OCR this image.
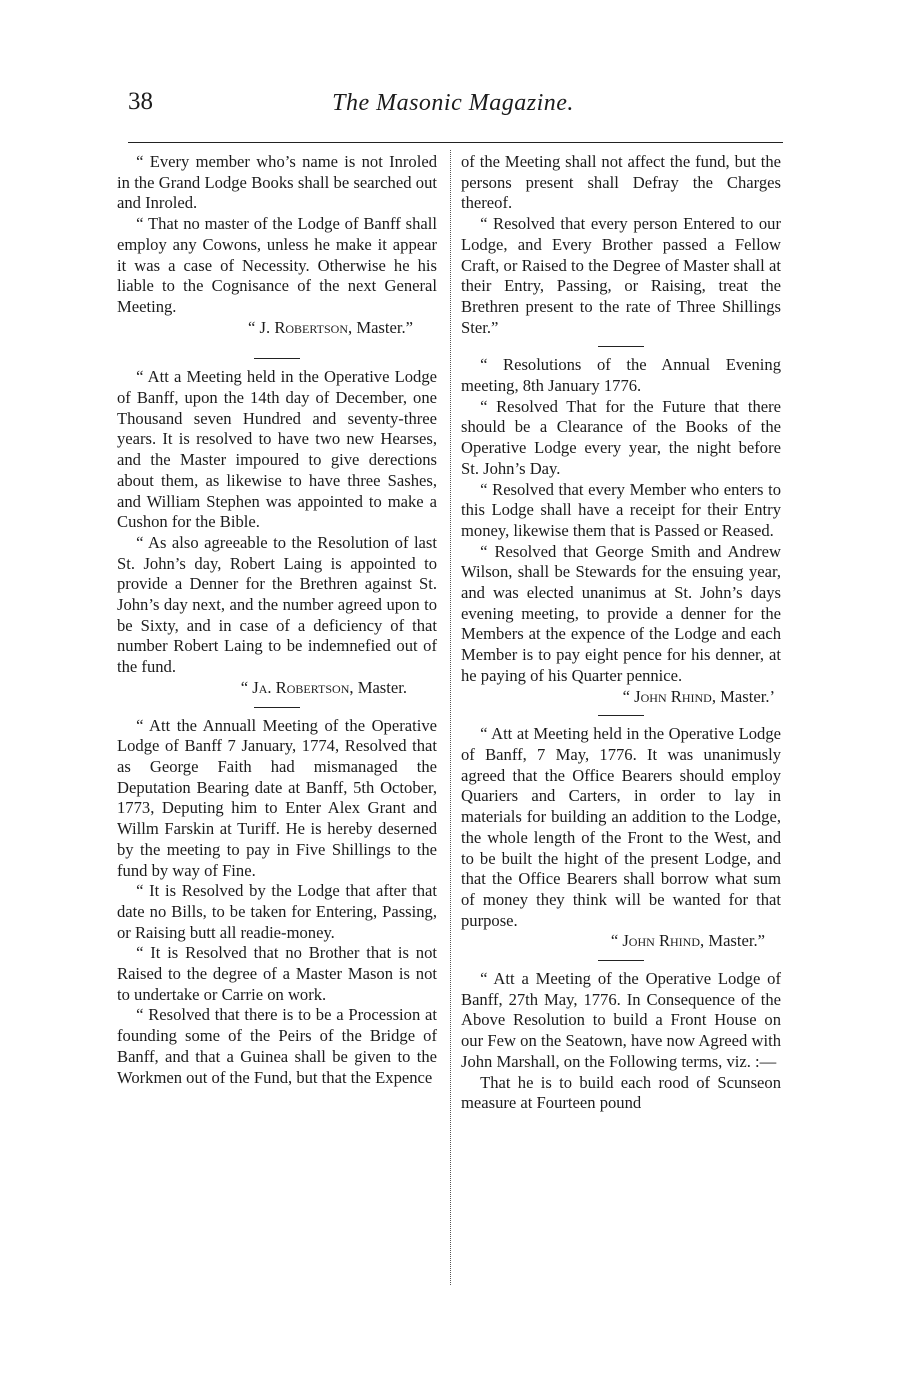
38	The Masonic Magazine.

“ Every member who’s name is not Inroled in the Grand Lodge Books shall be searched out and Inroled.

“ That no master of the Lodge of Banff shall employ any Cowons, unless he make it appear it was a case of Necessity. Otherwise he his liable to the Cognisance of the next General Meeting.

“ J. Robertson, Master.”

“ Att a Meeting held in the Operative Lodge of Banff, upon the 14th day of December, one Thousand seven Hundred and seventy-three years. It is resolved to have two new Hearses, and the Master impoured to give derections about them, as likewise to have three Sashes, and William Stephen was appointed to make a Cushon for the Bible.

“ As also agreeable to the Resolution of last St. John’s day, Robert Laing is appointed to provide a Denner for the Brethren against St. John’s day next, and the number agreed upon to be Sixty, and in case of a deficiency of that number Robert Laing to be indemnefied out of the fund.

“ Ja. Robertson, Master.

“ Att the Annuall Meeting of the Operative Lodge of Banff 7 January, 1774, Resolved that as George Faith had mismanaged the Deputation Bearing date at Banff, 5th October, 1773, Deputing him to Enter Alex Grant and Willm Farskin at Turiff. He is hereby deserned by the meeting to pay in Five Shillings to the fund by way of Fine.

“ It is Resolved by the Lodge that after that date no Bills, to be taken for Entering, Passing, or Raising butt all readie-money.

“ It is Resolved that no Brother that is not Raised to the degree of a Master Mason is not to undertake or Carrie on work.

“ Resolved that there is to be a Procession at founding some of the Peirs of the Bridge of Banff, and that a Guinea shall be given to the Workmen out of the Fund, but that the Expence

of the Meeting shall not affect the fund, but the persons present shall Defray the Charges thereof.

“ Resolved that every person Entered to our Lodge, and Every Brother passed a Fellow Craft, or Raised to the Degree of Master shall at their Entry, Passing, or Raising, treat the Brethren present to the rate of Three Shillings Ster.”

“ Resolutions of the Annual Evening meeting, 8th January 1776.

“ Resolved That for the Future that there should be a Clearance of the Books of the Operative Lodge every year, the night before St. John’s Day.

“ Resolved that every Member who enters to this Lodge shall have a receipt for their Entry money, likewise them that is Passed or Reased.

“ Resolved that George Smith and Andrew Wilson, shall be Stewards for the ensuing year, and was elected unanimus at St. John’s days evening meeting, to provide a denner for the Members at the expence of the Lodge and each Member is to pay eight pence for his denner, at he paying of his Quarter pennice.

“ John Rhind, Master.’

“ Att at Meeting held in the Operative Lodge of Banff, 7 May, 1776. It was unanimusly agreed that the Office Bearers should employ Quariers and Carters, in order to lay in materials for building an addition to the Lodge, the whole length of the Front to the West, and to be built the hight of the present Lodge, and that the Office Bearers shall borrow what sum of money they think will be wanted for that purpose.

“ John Rhind, Master.”

“ Att a Meeting of the Operative Lodge of Banff, 27th May, 1776. In Consequence of the Above Resolution to build a Front House on our Few on the Seatown, have now Agreed with John Marshall, on the Following terms, viz. :—

That he is to build each rood of Scunseon measure at Fourteen pound
